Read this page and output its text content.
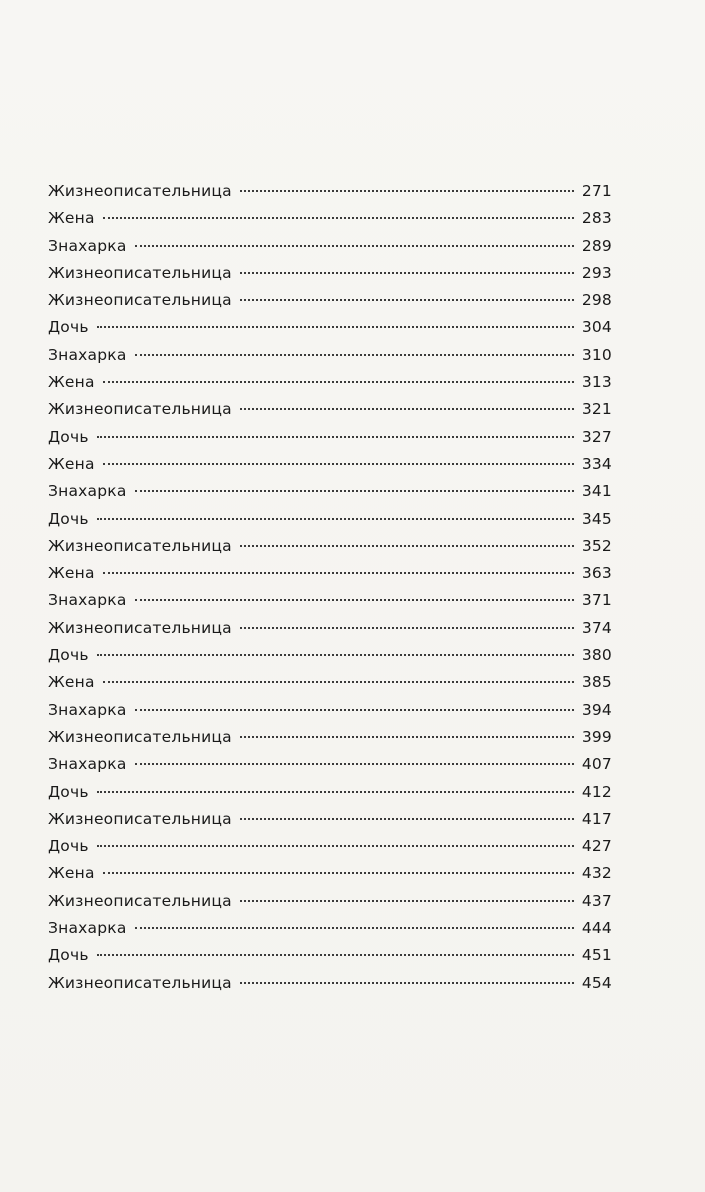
Жизнеописательница	271
Жена	283
Знахарка	289
Жизнеописательница	293
Жизнеописательница	298
Дочь	304
Знахарка	310
Жена	313
Жизнеописательница	321
Дочь	327
Жена	334
Знахарка	341
Дочь	345
Жизнеописательница	352
Жена	363
Знахарка	371
Жизнеописательница	374
Дочь	380
Жена	385
Знахарка	394
Жизнеописательница	399
Знахарка	407
Дочь	412
Жизнеописательница	417
Дочь	427
Жена	432
Жизнеописательница	437
Знахарка	444
Дочь	451
Жизнеописательница	454
